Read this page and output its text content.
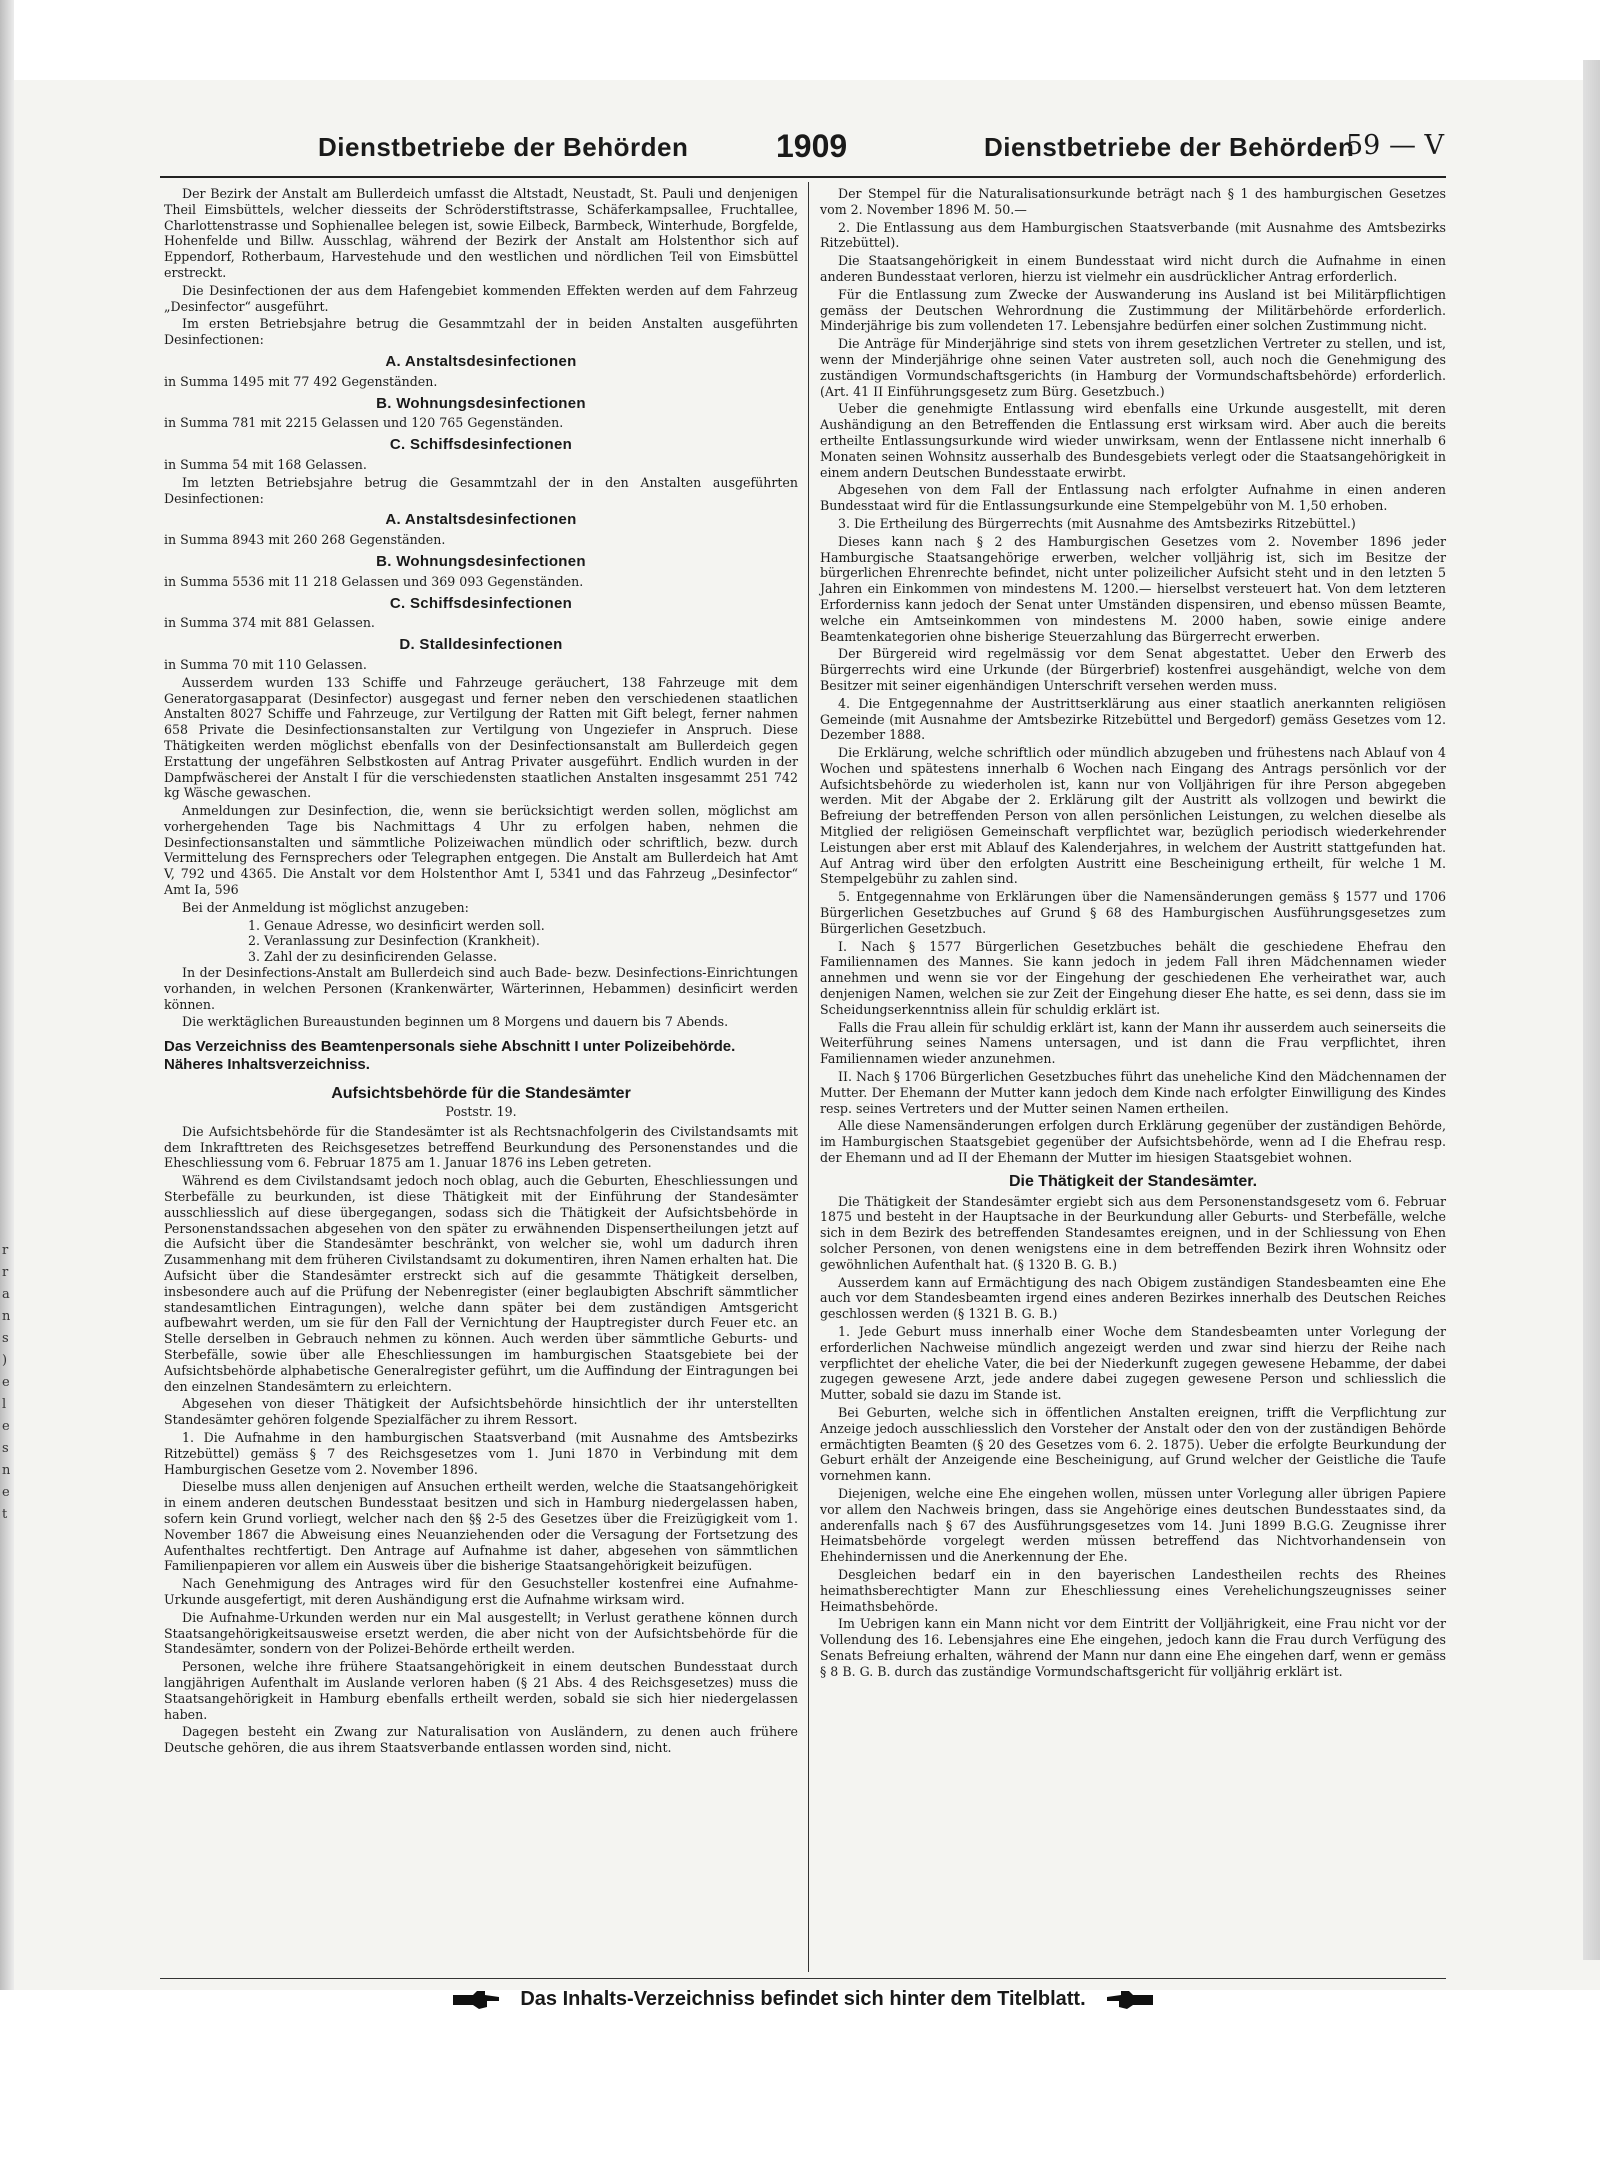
r
r
a
n
s
)
e
l
e
s
n
e
t
Dienstbetriebe der Behörden	1909	Dienstbetriebe der Behörden
59 — V

Der Bezirk der Anstalt am Bullerdeich umfasst die Altstadt, Neustadt, St. Pauli und denjenigen Theil Eimsbüttels, welcher diesseits der Schröderstiftstrasse, Schäferkampsallee, Fruchtallee, Charlottenstrasse und Sophienallee belegen ist, sowie Eilbeck, Barmbeck, Winterhude, Borgfelde, Hohenfelde und Billw. Ausschlag, während der Bezirk der Anstalt am Holstenthor sich auf Eppendorf, Rotherbaum, Harvestehude und den westlichen und nördlichen Teil von Eimsbüttel erstreckt.

Die Desinfectionen der aus dem Hafengebiet kommenden Effekten werden auf dem Fahrzeug „Desinfector“ ausgeführt.

Im ersten Betriebsjahre betrug die Gesammtzahl der in beiden Anstalten ausgeführten Desinfectionen:

A. Anstaltsdesinfectionen

in Summa 1495 mit 77 492 Gegenständen.

B. Wohnungsdesinfectionen

in Summa 781 mit 2215 Gelassen und 120 765 Gegenständen.

C. Schiffsdesinfectionen

in Summa 54 mit 168 Gelassen.

Im letzten Betriebsjahre betrug die Gesammtzahl der in den Anstalten ausgeführten Desinfectionen:

A. Anstaltsdesinfectionen

in Summa 8943 mit 260 268 Gegenständen.

B. Wohnungsdesinfectionen

in Summa 5536 mit 11 218 Gelassen und 369 093 Gegenständen.

C. Schiffsdesinfectionen

in Summa 374 mit 881 Gelassen.

D. Stalldesinfectionen

in Summa 70 mit 110 Gelassen.

Ausserdem wurden 133 Schiffe und Fahrzeuge geräuchert, 138 Fahrzeuge mit dem Generatorgasapparat (Desinfector) ausgegast und ferner neben den verschiedenen staatlichen Anstalten 8027 Schiffe und Fahrzeuge, zur Vertilgung der Ratten mit Gift belegt, ferner nahmen 658 Private die Desinfectionsanstalten zur Vertilgung von Ungeziefer in Anspruch. Diese Thätigkeiten werden möglichst ebenfalls von der Desinfectionsanstalt am Bullerdeich gegen Erstattung der ungefähren Selbstkosten auf Antrag Privater ausgeführt. Endlich wurden in der Dampfwäscherei der Anstalt I für die verschiedensten staatlichen Anstalten insgesammt 251 742 kg Wäsche gewaschen.

Anmeldungen zur Desinfection, die, wenn sie berücksichtigt werden sollen, möglichst am vorhergehenden Tage bis Nachmittags 4 Uhr zu erfolgen haben, nehmen die Desinfectionsanstalten und sämmtliche Polizeiwachen mündlich oder schriftlich, bezw. durch Vermittelung des Fernsprechers oder Telegraphen entgegen. Die Anstalt am Bullerdeich hat Amt V, 792 und 4365. Die Anstalt vor dem Holstenthor Amt I, 5341 und das Fahrzeug „Desinfector“ Amt Ia, 596

Bei der Anmeldung ist möglichst anzugeben:

1. Genaue Adresse, wo desinficirt werden soll.

2. Veranlassung zur Desinfection (Krankheit).

3. Zahl der zu desinficirenden Gelasse.

In der Desinfections-Anstalt am Bullerdeich sind auch Bade- bezw. Desinfections-Einrichtungen vorhanden, in welchen Personen (Krankenwärter, Wärterinnen, Hebammen) desinficirt werden können.

Die werktäglichen Bureaustunden beginnen um 8 Morgens und dauern bis 7 Abends.

Das Verzeichniss des Beamtenpersonals siehe Abschnitt I unter Polizeibehörde. Näheres Inhaltsverzeichniss.

Aufsichtsbehörde für die Standesämter

Poststr. 19.

Die Aufsichtsbehörde für die Standesämter ist als Rechtsnachfolgerin des Civilstandsamts mit dem Inkrafttreten des Reichsgesetzes betreffend Beurkundung des Personenstandes und die Eheschliessung vom 6. Februar 1875 am 1. Januar 1876 ins Leben getreten.

Während es dem Civilstandsamt jedoch noch oblag, auch die Geburten, Eheschliessungen und Sterbefälle zu beurkunden, ist diese Thätigkeit mit der Einführung der Standesämter ausschliesslich auf diese übergegangen, sodass sich die Thätigkeit der Aufsichtsbehörde in Personenstandssachen abgesehen von den später zu erwähnenden Dispensertheilungen jetzt auf die Aufsicht über die Standesämter beschränkt, von welcher sie, wohl um dadurch ihren Zusammenhang mit dem früheren Civilstandsamt zu dokumentiren, ihren Namen erhalten hat. Die Aufsicht über die Standesämter erstreckt sich auf die gesammte Thätigkeit derselben, insbesondere auch auf die Prüfung der Nebenregister (einer beglaubigten Abschrift sämmtlicher standesamtlichen Eintragungen), welche dann später bei dem zuständigen Amtsgericht aufbewahrt werden, um sie für den Fall der Vernichtung der Hauptregister durch Feuer etc. an Stelle derselben in Gebrauch nehmen zu können. Auch werden über sämmtliche Geburts- und Sterbefälle, sowie über alle Eheschliessungen im hamburgischen Staatsgebiete bei der Aufsichtsbehörde alphabetische Generalregister geführt, um die Auffindung der Eintragungen bei den einzelnen Standesämtern zu erleichtern.

Abgesehen von dieser Thätigkeit der Aufsichtsbehörde hinsichtlich der ihr unterstellten Standesämter gehören folgende Spezialfächer zu ihrem Ressort.

1. Die Aufnahme in den hamburgischen Staatsverband (mit Ausnahme des Amtsbezirks Ritzebüttel) gemäss § 7 des Reichsgesetzes vom 1. Juni 1870 in Verbindung mit dem Hamburgischen Gesetze vom 2. November 1896.

Dieselbe muss allen denjenigen auf Ansuchen ertheilt werden, welche die Staatsangehörigkeit in einem anderen deutschen Bundesstaat besitzen und sich in Hamburg niedergelassen haben, sofern kein Grund vorliegt, welcher nach den §§ 2-5 des Gesetzes über die Freizügigkeit vom 1. November 1867 die Abweisung eines Neuanziehenden oder die Versagung der Fortsetzung des Aufenthaltes rechtfertigt. Den Antrage auf Aufnahme ist daher, abgesehen von sämmtlichen Familienpapieren vor allem ein Ausweis über die bisherige Staatsangehörigkeit beizufügen.

Nach Genehmigung des Antrages wird für den Gesuchsteller kostenfrei eine Aufnahme-Urkunde ausgefertigt, mit deren Aushändigung erst die Aufnahme wirksam wird.

Die Aufnahme-Urkunden werden nur ein Mal ausgestellt; in Verlust gerathene können durch Staatsangehörigkeitsausweise ersetzt werden, die aber nicht von der Aufsichtsbehörde für die Standesämter, sondern von der Polizei-Behörde ertheilt werden.

Personen, welche ihre frühere Staatsangehörigkeit in einem deutschen Bundesstaat durch langjährigen Aufenthalt im Auslande verloren haben (§ 21 Abs. 4 des Reichsgesetzes) muss die Staatsangehörigkeit in Hamburg ebenfalls ertheilt werden, sobald sie sich hier niedergelassen haben.

Dagegen besteht ein Zwang zur Naturalisation von Ausländern, zu denen auch frühere Deutsche gehören, die aus ihrem Staatsverbande entlassen worden sind, nicht.

Der Stempel für die Naturalisationsurkunde beträgt nach § 1 des hamburgischen Gesetzes vom 2. November 1896 M. 50.—

2. Die Entlassung aus dem Hamburgischen Staatsverbande (mit Ausnahme des Amtsbezirks Ritzebüttel).

Die Staatsangehörigkeit in einem Bundesstaat wird nicht durch die Aufnahme in einen anderen Bundesstaat verloren, hierzu ist vielmehr ein ausdrücklicher Antrag erforderlich.

Für die Entlassung zum Zwecke der Auswanderung ins Ausland ist bei Militärpflichtigen gemäss der Deutschen Wehrordnung die Zustimmung der Militärbehörde erforderlich. Minderjährige bis zum vollendeten 17. Lebensjahre bedürfen einer solchen Zustimmung nicht.

Die Anträge für Minderjährige sind stets von ihrem gesetzlichen Vertreter zu stellen, und ist, wenn der Minderjährige ohne seinen Vater austreten soll, auch noch die Genehmigung des zuständigen Vormundschaftsgerichts (in Hamburg der Vormundschaftsbehörde) erforderlich. (Art. 41 II Einführungsgesetz zum Bürg. Gesetzbuch.)

Ueber die genehmigte Entlassung wird ebenfalls eine Urkunde ausgestellt, mit deren Aushändigung an den Betreffenden die Entlassung erst wirksam wird. Aber auch die bereits ertheilte Entlassungsurkunde wird wieder unwirksam, wenn der Entlassene nicht innerhalb 6 Monaten seinen Wohnsitz ausserhalb des Bundesgebiets verlegt oder die Staatsangehörigkeit in einem andern Deutschen Bundesstaate erwirbt.

Abgesehen von dem Fall der Entlassung nach erfolgter Aufnahme in einen anderen Bundesstaat wird für die Entlassungsurkunde eine Stempelgebühr von M. 1,50 erhoben.

3. Die Ertheilung des Bürgerrechts (mit Ausnahme des Amtsbezirks Ritzebüttel.)

Dieses kann nach § 2 des Hamburgischen Gesetzes vom 2. November 1896 jeder Hamburgische Staatsangehörige erwerben, welcher volljährig ist, sich im Besitze der bürgerlichen Ehrenrechte befindet, nicht unter polizeilicher Aufsicht steht und in den letzten 5 Jahren ein Einkommen von mindestens M. 1200.— hierselbst versteuert hat. Von dem letzteren Erforderniss kann jedoch der Senat unter Umständen dispensiren, und ebenso müssen Beamte, welche ein Amtseinkommen von mindestens M. 2000 haben, sowie einige andere Beamtenkategorien ohne bisherige Steuerzahlung das Bürgerrecht erwerben.

Der Bürgereid wird regelmässig vor dem Senat abgestattet. Ueber den Erwerb des Bürgerrechts wird eine Urkunde (der Bürgerbrief) kostenfrei ausgehändigt, welche von dem Besitzer mit seiner eigenhändigen Unterschrift versehen werden muss.

4. Die Entgegennahme der Austrittserklärung aus einer staatlich anerkannten religiösen Gemeinde (mit Ausnahme der Amtsbezirke Ritzebüttel und Bergedorf) gemäss Gesetzes vom 12. Dezember 1888.

Die Erklärung, welche schriftlich oder mündlich abzugeben und frühestens nach Ablauf von 4 Wochen und spätestens innerhalb 6 Wochen nach Eingang des Antrags persönlich vor der Aufsichtsbehörde zu wiederholen ist, kann nur von Volljährigen für ihre Person abgegeben werden. Mit der Abgabe der 2. Erklärung gilt der Austritt als vollzogen und bewirkt die Befreiung der betreffenden Person von allen persönlichen Leistungen, zu welchen dieselbe als Mitglied der religiösen Gemeinschaft verpflichtet war, bezüglich periodisch wiederkehrender Leistungen aber erst mit Ablauf des Kalenderjahres, in welchem der Austritt stattgefunden hat. Auf Antrag wird über den erfolgten Austritt eine Bescheinigung ertheilt, für welche 1 M. Stempelgebühr zu zahlen sind.

5. Entgegennahme von Erklärungen über die Namensänderungen gemäss § 1577 und 1706 Bürgerlichen Gesetzbuches auf Grund § 68 des Hamburgischen Ausführungsgesetzes zum Bürgerlichen Gesetzbuch.

I. Nach § 1577 Bürgerlichen Gesetzbuches behält die geschiedene Ehefrau den Familiennamen des Mannes. Sie kann jedoch in jedem Fall ihren Mädchennamen wieder annehmen und wenn sie vor der Eingehung der geschiedenen Ehe verheirathet war, auch denjenigen Namen, welchen sie zur Zeit der Eingehung dieser Ehe hatte, es sei denn, dass sie im Scheidungserkenntniss allein für schuldig erklärt ist.

Falls die Frau allein für schuldig erklärt ist, kann der Mann ihr ausserdem auch seinerseits die Weiterführung seines Namens untersagen, und ist dann die Frau verpflichtet, ihren Familiennamen wieder anzunehmen.

II. Nach § 1706 Bürgerlichen Gesetzbuches führt das uneheliche Kind den Mädchennamen der Mutter. Der Ehemann der Mutter kann jedoch dem Kinde nach erfolgter Einwilligung des Kindes resp. seines Vertreters und der Mutter seinen Namen ertheilen.

Alle diese Namensänderungen erfolgen durch Erklärung gegenüber der zuständigen Behörde, im Hamburgischen Staatsgebiet gegenüber der Aufsichtsbehörde, wenn ad I die Ehefrau resp. der Ehemann und ad II der Ehemann der Mutter im hiesigen Staatsgebiet wohnen.

Die Thätigkeit der Standesämter.

Die Thätigkeit der Standesämter ergiebt sich aus dem Personenstandsgesetz vom 6. Februar 1875 und besteht in der Hauptsache in der Beurkundung aller Geburts- und Sterbefälle, welche sich in dem Bezirk des betreffenden Standesamtes ereignen, und in der Schliessung von Ehen solcher Personen, von denen wenigstens eine in dem betreffenden Bezirk ihren Wohnsitz oder gewöhnlichen Aufenthalt hat. (§ 1320 B. G. B.)

Ausserdem kann auf Ermächtigung des nach Obigem zuständigen Standesbeamten eine Ehe auch vor dem Standesbeamten irgend eines anderen Bezirkes innerhalb des Deutschen Reiches geschlossen werden (§ 1321 B. G. B.)

1. Jede Geburt muss innerhalb einer Woche dem Standesbeamten unter Vorlegung der erforderlichen Nachweise mündlich angezeigt werden und zwar sind hierzu der Reihe nach verpflichtet der eheliche Vater, die bei der Niederkunft zugegen gewesene Hebamme, der dabei zugegen gewesene Arzt, jede andere dabei zugegen gewesene Person und schliesslich die Mutter, sobald sie dazu im Stande ist.

Bei Geburten, welche sich in öffentlichen Anstalten ereignen, trifft die Verpflichtung zur Anzeige jedoch ausschliesslich den Vorsteher der Anstalt oder den von der zuständigen Behörde ermächtigten Beamten (§ 20 des Gesetzes vom 6. 2. 1875). Ueber die erfolgte Beurkundung der Geburt erhält der Anzeigende eine Bescheinigung, auf Grund welcher der Geistliche die Taufe vornehmen kann.

Diejenigen, welche eine Ehe eingehen wollen, müssen unter Vorlegung aller übrigen Papiere vor allem den Nachweis bringen, dass sie Angehörige eines deutschen Bundesstaates sind, da anderenfalls nach § 67 des Ausführungsgesetzes vom 14. Juni 1899 B.G.G. Zeugnisse ihrer Heimatsbehörde vorgelegt werden müssen betreffend das Nichtvorhandensein von Ehehindernissen und die Anerkennung der Ehe.

Desgleichen bedarf ein in den bayerischen Landestheilen rechts des Rheines heimathsberechtigter Mann zur Eheschliessung eines Verehelichungszeugnisses seiner Heimathsbehörde.

Im Uebrigen kann ein Mann nicht vor dem Eintritt der Volljährigkeit, eine Frau nicht vor der Vollendung des 16. Lebensjahres eine Ehe eingehen, jedoch kann die Frau durch Verfügung des Senats Befreiung erhalten, während der Mann nur dann eine Ehe eingehen darf, wenn er gemäss § 8 B. G. B. durch das zuständige Vormundschaftsgericht für volljährig erklärt ist.

Das Inhalts-Verzeichniss befindet sich hinter dem Titelblatt.
